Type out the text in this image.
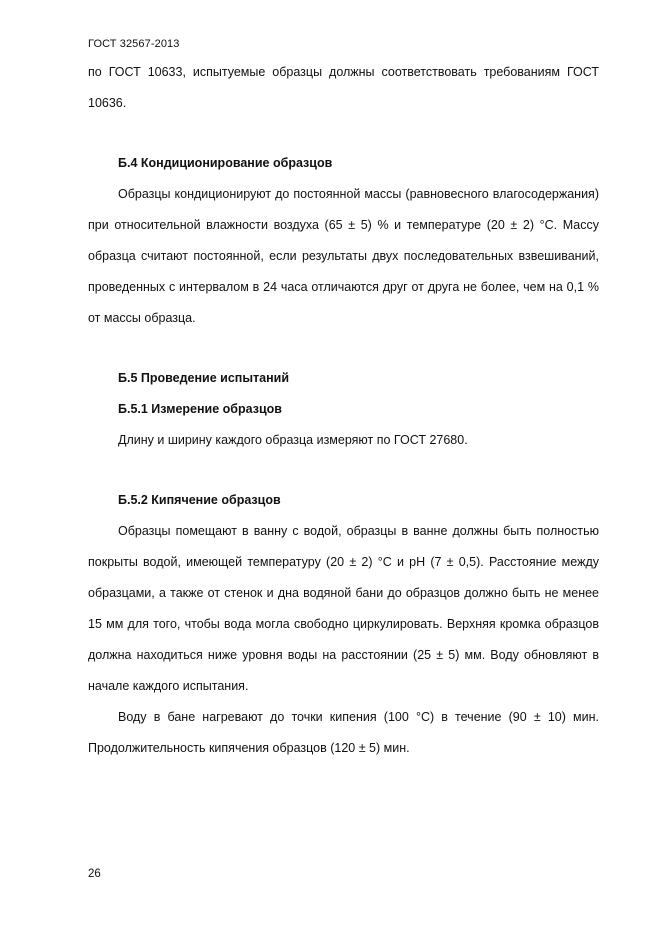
ГОСТ 32567-2013

по ГОСТ 10633, испытуемые образцы должны соответствовать требованиям ГОСТ 10636.

Б.4 Кондиционирование образцов

Образцы кондиционируют до постоянной массы (равновесного влагосодержания) при относительной влажности воздуха (65 ± 5) % и температуре (20 ± 2) °С. Массу образца считают постоянной, если результаты двух последовательных взвешиваний, проведенных с интервалом в 24 часа отличаются друг от друга не более, чем на 0,1 % от массы образца.

Б.5 Проведение испытаний

Б.5.1 Измерение образцов

Длину и ширину каждого образца измеряют по ГОСТ 27680.

Б.5.2 Кипячение образцов

Образцы помещают в ванну с водой, образцы в ванне должны быть полностью покрыты водой, имеющей температуру (20 ± 2) °С и рН (7 ± 0,5). Расстояние между образцами, а также от стенок и дна водяной бани до образцов должно быть не менее 15 мм для того, чтобы вода могла свободно циркулировать. Верхняя кромка образцов должна находиться ниже уровня воды на расстоянии (25 ± 5) мм. Воду обновляют в начале каждого испытания.

Воду в бане нагревают до точки кипения (100 °С) в течение (90 ± 10) мин. Продолжительность кипячения образцов (120 ± 5) мин.

26
